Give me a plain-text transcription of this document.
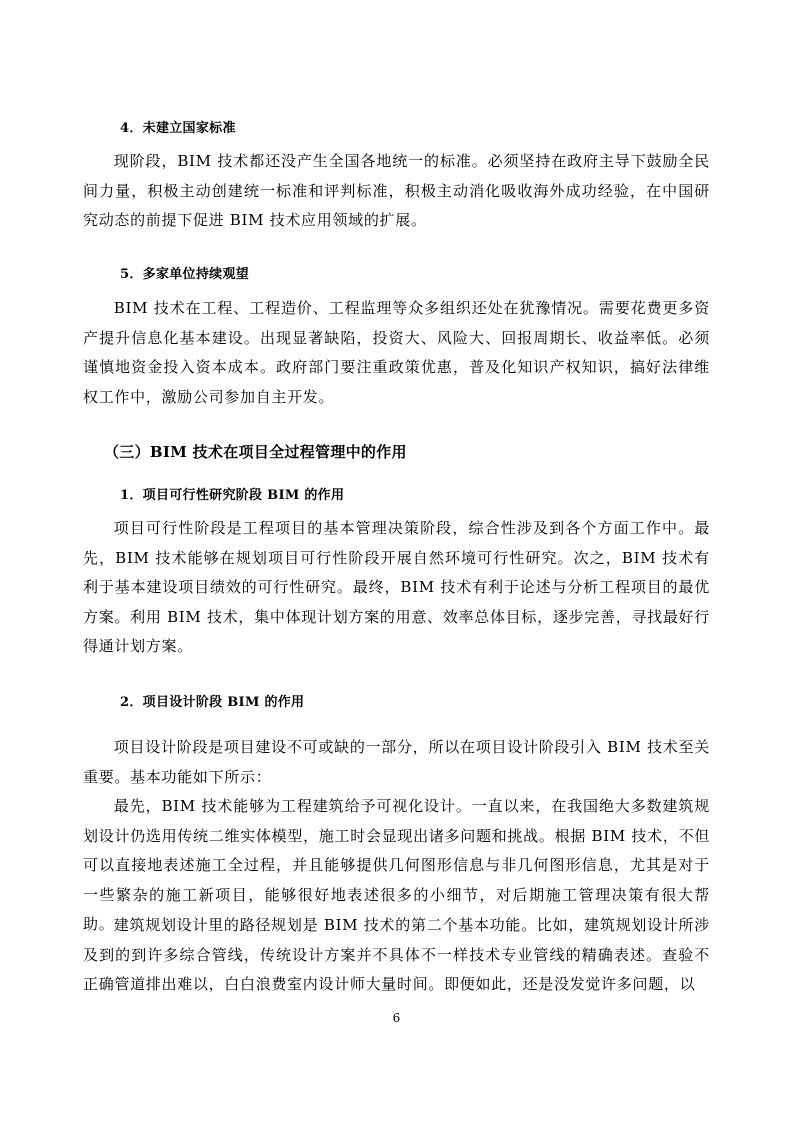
4．未建立国家标准

现阶段，BIM 技术都还没产生全国各地统一的标准。必须坚持在政府主导下鼓励全民间力量，积极主动创建统一标准和评判标准，积极主动消化吸收海外成功经验，在中国研究动态的前提下促进 BIM 技术应用领域的扩展。

5．多家单位持续观望

BIM 技术在工程、工程造价、工程监理等众多组织还处在犹豫情况。需要花费更多资产提升信息化基本建设。出现显著缺陷，投资大、风险大、回报周期长、收益率低。必须谨慎地资金投入资本成本。政府部门要注重政策优惠，普及化知识产权知识，搞好法律维权工作中，激励公司参加自主开发。

（三）BIM 技术在项目全过程管理中的作用
1．项目可行性研究阶段 BIM 的作用

项目可行性阶段是工程项目的基本管理决策阶段，综合性涉及到各个方面工作中。最先，BIM 技术能够在规划项目可行性阶段开展自然环境可行性研究。次之，BIM 技术有利于基本建设项目绩效的可行性研究。最终，BIM 技术有利于论述与分析工程项目的最优方案。利用 BIM 技术，集中体现计划方案的用意、效率总体目标，逐步完善，寻找最好行得通计划方案。

2．项目设计阶段 BIM 的作用

项目设计阶段是项目建设不可或缺的一部分，所以在项目设计阶段引入 BIM 技术至关重要。基本功能如下所示：

最先，BIM 技术能够为工程建筑给予可视化设计。一直以来，在我国绝大多数建筑规划设计仍选用传统二维实体模型，施工时会显现出诸多问题和挑战。根据 BIM 技术，不但可以直接地表述施工全过程，并且能够提供几何图形信息与非几何图形信息，尤其是对于一些繁杂的施工新项目，能够很好地表述很多的小细节，对后期施工管理决策有很大帮助。 建筑规划设计里的路径规划是 BIM 技术的第二个基本功能。比如，建筑规划设计所涉及到的到许多综合管线，传统设计方案并不具体不一样技术专业管线的精确表述。查验不正确管道排出难以，白白浪费室内设计师大量时间。即便如此，还是没发觉许多问题，以

6
